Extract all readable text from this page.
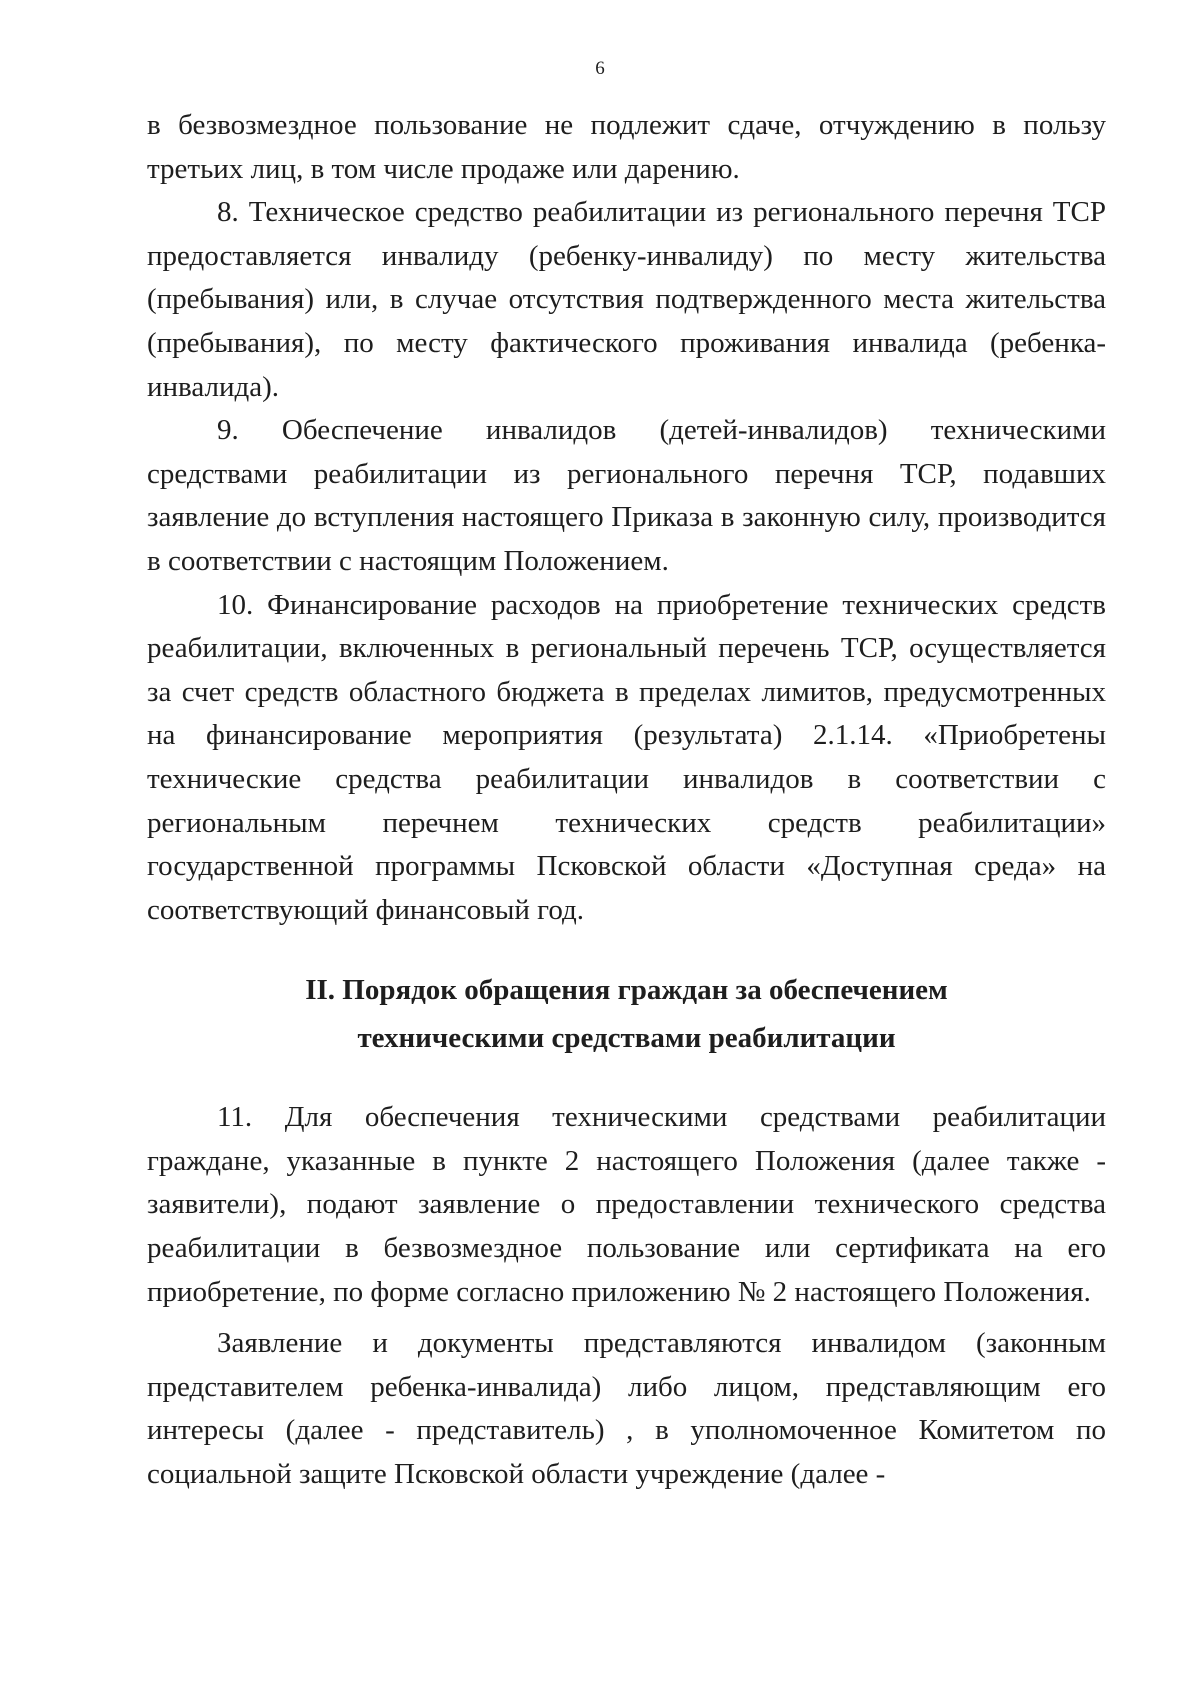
6

в безвозмездное пользование не подлежит сдаче, отчуждению в пользу третьих лиц, в том числе продаже или дарению.

8. Техническое средство реабилитации из регионального перечня ТСР предоставляется инвалиду (ребенку-инвалиду) по месту жительства (пребывания) или, в случае отсутствия подтвержденного места жительства (пребывания), по месту фактического проживания инвалида (ребенка-инвалида).

9. Обеспечение инвалидов (детей-инвалидов) техническими средствами реабилитации из регионального перечня ТСР, подавших заявление до вступления настоящего Приказа в законную силу, производится в соответствии с настоящим Положением.

10. Финансирование расходов на приобретение технических средств реабилитации, включенных в региональный перечень ТСР, осуществляется за счет средств областного бюджета в пределах лимитов, предусмотренных на финансирование мероприятия (результата) 2.1.14. «Приобретены технические средства реабилитации инвалидов в соответствии с региональным перечнем технических средств реабилитации» государственной программы Псковской области «Доступная среда» на соответствующий финансовый год.

II. Порядок обращения граждан за обеспечением
техническими средствами реабилитации

11. Для обеспечения техническими средствами реабилитации граждане, указанные в пункте 2 настоящего Положения (далее также - заявители), подают заявление о предоставлении технического средства реабилитации в безвозмездное пользование или сертификата на его приобретение, по форме согласно приложению № 2 настоящего Положения.

Заявление и документы представляются инвалидом (законным представителем ребенка-инвалида) либо лицом, представляющим его интересы (далее - представитель) , в уполномоченное Комитетом по социальной защите Псковской области учреждение (далее -
